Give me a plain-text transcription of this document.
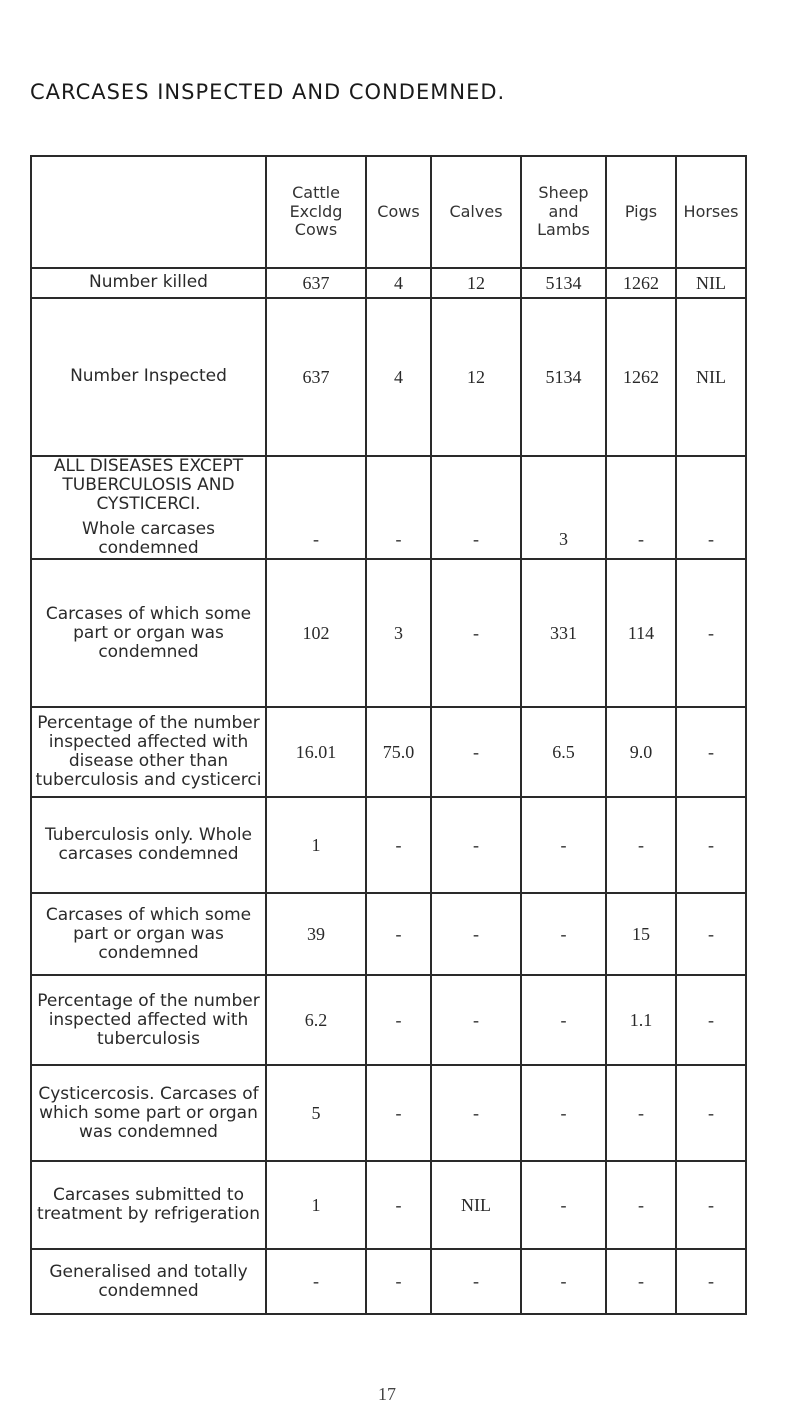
CARCASES INSPECTED AND CONDEMNED.
	Cattle Excldg Cows	Cows	Calves	Sheep and Lambs	Pigs	Horses
Number killed	637	4	12	5134	1262	NIL
Number Inspected	637	4	12	5134	1262	NIL
ALL DISEASES EXCEPT TUBERCULOSIS AND CYSTICERCI.
Whole carcases condemned	-	-	-	3	-	-
Carcases of which some part or organ was condemned	102	3	-	331	114	-
Percentage of the number inspected affected with disease other than tuberculosis and cysticerci	16.01	75.0	-	6.5	9.0	-
Tuberculosis only. Whole carcases condemned	1	-	-	-	-	-
Carcases of which some part or organ was condemned	39	-	-	-	15	-
Percentage of the number inspected affected with tuberculosis	6.2	-	-	-	1.1	-
Cysticercosis. Carcases of which some part or organ was condemned	5	-	-	-	-	-
Carcases submitted to treatment by refrigeration	1	-	NIL	-	-	-
Generalised and totally condemned	-	-	-	-	-	-
17
